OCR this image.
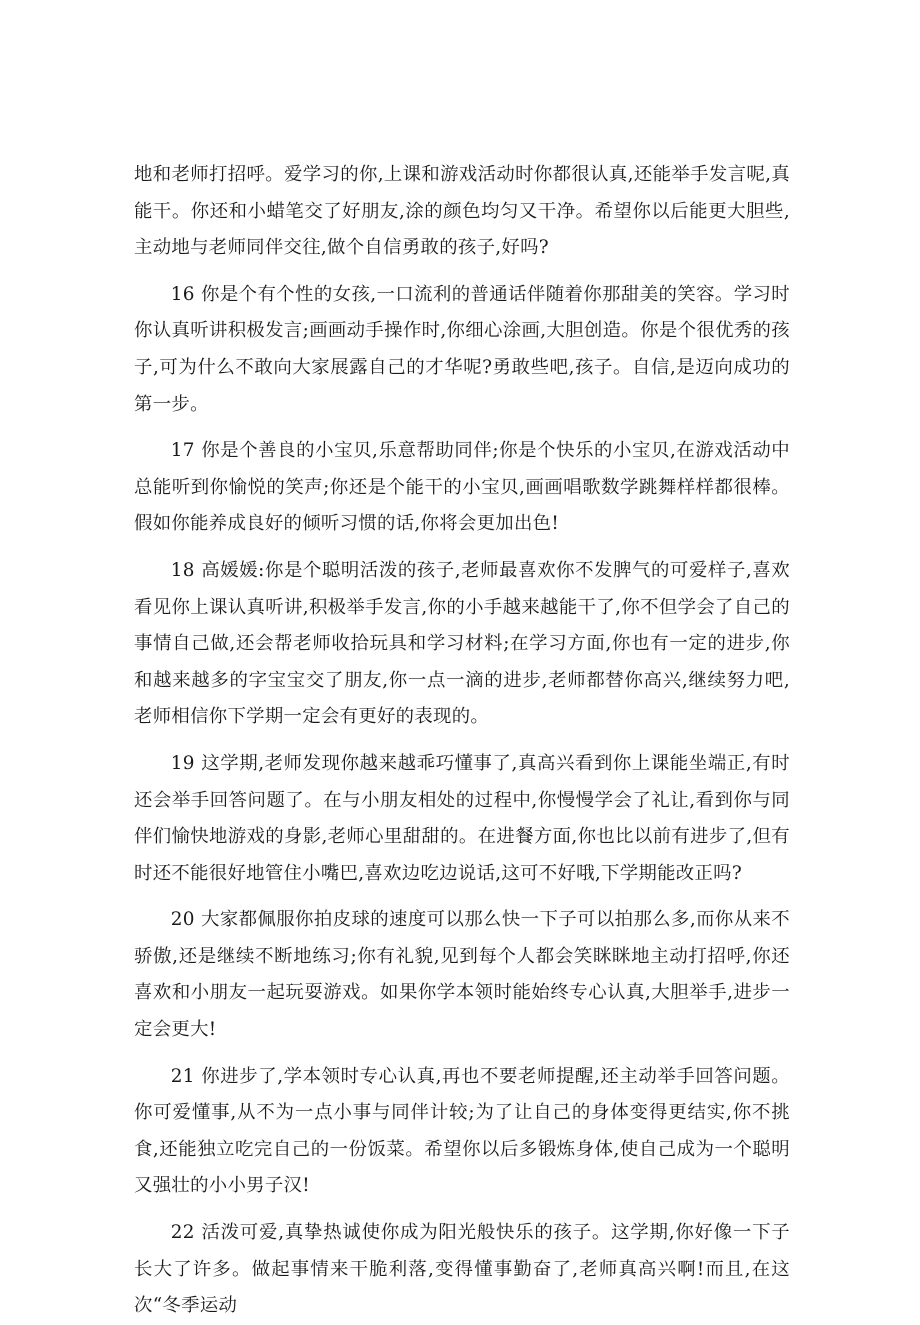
地和老师打招呼。爱学习的你,上课和游戏活动时你都很认真,还能举手发言呢,真能干。你还和小蜡笔交了好朋友,涂的颜色均匀又干净。希望你以后能更大胆些,主动地与老师同伴交往,做个自信勇敢的孩子,好吗?

16 你是个有个性的女孩,一口流利的普通话伴随着你那甜美的笑容。学习时你认真听讲积极发言;画画动手操作时,你细心涂画,大胆创造。你是个很优秀的孩子,可为什么不敢向大家展露自己的才华呢?勇敢些吧,孩子。自信,是迈向成功的第一步。

17 你是个善良的小宝贝,乐意帮助同伴;你是个快乐的小宝贝,在游戏活动中总能听到你愉悦的笑声;你还是个能干的小宝贝,画画唱歌数学跳舞样样都很棒。假如你能养成良好的倾听习惯的话,你将会更加出色!

18 高媛媛:你是个聪明活泼的孩子,老师最喜欢你不发脾气的可爱样子,喜欢看见你上课认真听讲,积极举手发言,你的小手越来越能干了,你不但学会了自己的事情自己做,还会帮老师收拾玩具和学习材料;在学习方面,你也有一定的进步,你和越来越多的字宝宝交了朋友,你一点一滴的进步,老师都替你高兴,继续努力吧,老师相信你下学期一定会有更好的表现的。

19 这学期,老师发现你越来越乖巧懂事了,真高兴看到你上课能坐端正,有时还会举手回答问题了。在与小朋友相处的过程中,你慢慢学会了礼让,看到你与同伴们愉快地游戏的身影,老师心里甜甜的。在进餐方面,你也比以前有进步了,但有时还不能很好地管住小嘴巴,喜欢边吃边说话,这可不好哦,下学期能改正吗?

20 大家都佩服你拍皮球的速度可以那么快一下子可以拍那么多,而你从来不骄傲,还是继续不断地练习;你有礼貌,见到每个人都会笑眯眯地主动打招呼,你还喜欢和小朋友一起玩耍游戏。如果你学本领时能始终专心认真,大胆举手,进步一定会更大!

21 你进步了,学本领时专心认真,再也不要老师提醒,还主动举手回答问题。你可爱懂事,从不为一点小事与同伴计较;为了让自己的身体变得更结实,你不挑食,还能独立吃完自己的一份饭菜。希望你以后多锻炼身体,使自己成为一个聪明又强壮的小小男子汉!

22 活泼可爱,真挚热诚使你成为阳光般快乐的孩子。这学期,你好像一下子长大了许多。做起事情来干脆利落,变得懂事勤奋了,老师真高兴啊!而且,在这次“冬季运动
